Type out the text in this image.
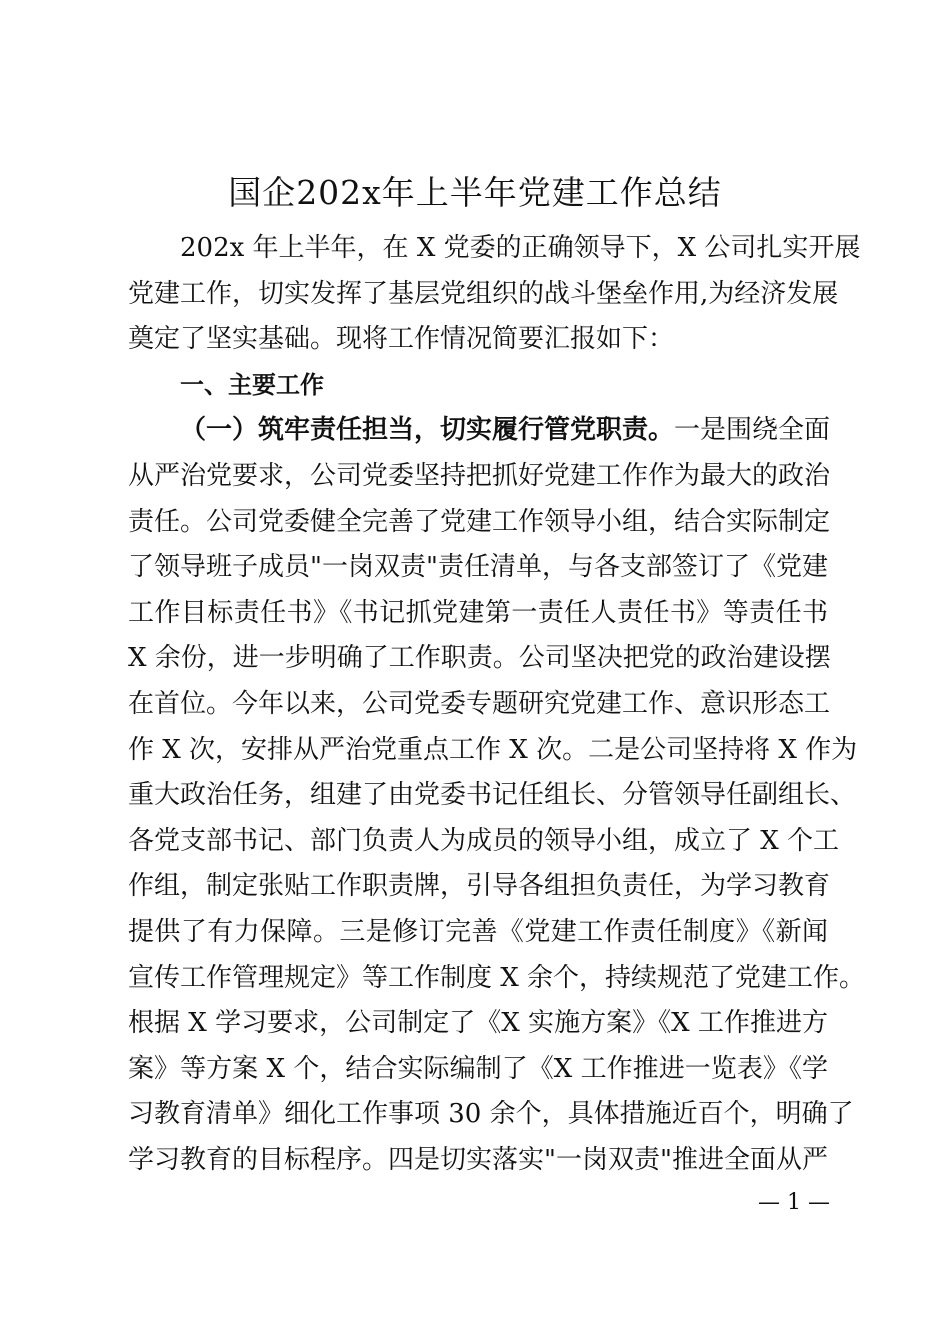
国企202x年上半年党建工作总结
202x 年上半年，在 X 党委的正确领导下，X 公司扎实开展
党建工作，切实发挥了基层党组织的战斗堡垒作用,为经济发展
奠定了坚实基础。现将工作情况简要汇报如下：
一、主要工作
（一）筑牢责任担当，切实履行管党职责。一是围绕全面
从严治党要求，公司党委坚持把抓好党建工作作为最大的政治
责任。公司党委健全完善了党建工作领导小组，结合实际制定
了领导班子成员"一岗双责"责任清单，与各支部签订了《党建
工作目标责任书》《书记抓党建第一责任人责任书》等责任书
X 余份，进一步明确了工作职责。公司坚决把党的政治建设摆
在首位。今年以来，公司党委专题研究党建工作、意识形态工
作 X 次，安排从严治党重点工作 X 次。二是公司坚持将 X 作为
重大政治任务，组建了由党委书记任组长、分管领导任副组长、
各党支部书记、部门负责人为成员的领导小组，成立了 X 个工
作组，制定张贴工作职责牌，引导各组担负责任，为学习教育
提供了有力保障。三是修订完善《党建工作责任制度》《新闻
宣传工作管理规定》等工作制度 X 余个，持续规范了党建工作。
根据 X 学习要求，公司制定了《X 实施方案》《X 工作推进方
案》等方案 X 个，结合实际编制了《X 工作推进一览表》《学
习教育清单》细化工作事项 30 余个，具体措施近百个，明确了
学习教育的目标程序。四是切实落实"一岗双责"推进全面从严
— 1 —
